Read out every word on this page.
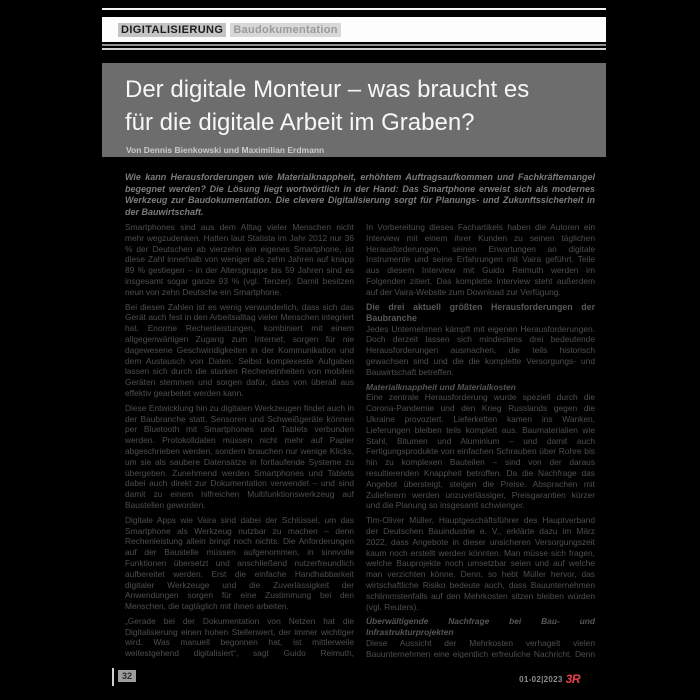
DIGITALISIERUNG Baudokumentation
Der digitale Monteur – was braucht es
für die digitale Arbeit im Graben?
Von Dennis Bienkowski und Maximilian Erdmann
Wie kann Herausforderungen wie Materialknappheit, erhöhtem Auftragsaufkommen und Fachkräftemangel begegnet werden? Die Lösung liegt wortwörtlich in der Hand: Das Smartphone erweist sich als modernes Werkzeug zur Baudokumentation. Die clevere Digitalisierung sorgt für Planungs- und Zukunftssicherheit in der Bauwirtschaft.

Smartphones sind aus dem Alltag vieler Menschen nicht mehr wegzudenken. Hatten laut Statista im Jahr 2012 nur 36 % der Deutschen ab vierzehn ein eigenes Smartphone, ist diese Zahl innerhalb von weniger als zehn Jahren auf knapp 89 % gestiegen – in der Altersgruppe bis 59 Jahren sind es insgesamt sogar ganze 93 % (vgl. Tenzer). Damit besitzen neun von zehn Deutsche ein Smartphone.

Bei diesen Zahlen ist es wenig verwunderlich, dass sich das Gerät auch fest in den Arbeitsalltag vieler Menschen integriert hat. Enorme Rechenleistungen, kombiniert mit einem allgegenwärtigen Zugang zum Internet, sorgen für nie dagewesene Geschwindigkeiten in der Kommunikation und dem Austausch von Daten. Selbst komplexeste Aufgaben lassen sich durch die starken Recheneinheiten von mobilen Geräten stemmen und sorgen dafür, dass von überall aus effektiv gearbeitet werden kann.

Diese Entwicklung hin zu digitalen Werkzeugen findet auch in der Baubranche statt. Sensoren und Schweißgeräte können per Bluetooth mit Smartphones und Tablets verbunden werden. Protokolldaten müssen nicht mehr auf Papier abgeschrieben werden, sondern brauchen nur wenige Klicks, um sie als saubere Datensätze in fortlaufende Systeme zu übergeben. Zunehmend werden Smartphones und Tablets dabei auch direkt zur Dokumentation verwendet – und sind damit zu einem hilfreichen Multifunktionswerkzeug auf Baustellen geworden.

Digitale Apps wie Vaira sind dabei der Schlüssel, um das Smartphone als Werkzeug nutzbar zu machen – denn Rechenleistung allein bringt noch nichts. Die Anforderungen auf der Baustelle müssen aufgenommen, in sinnvolle Funktionen übersetzt und anschließend nutzerfreundlich aufbereitet werden. Erst die einfache Handhabbarkeit digitaler Werkzeuge und die Zuverlässigkeit der Anwendungen sorgen für eine Zustimmung bei den Menschen, die tagtäglich mit ihnen arbeiten.

„Gerade bei der Dokumentation von Netzen hat die Digitalisierung einen hohen Stellenwert, der immer wichtiger wird. Was manuell begonnen hat, ist mittlerweile weitestgehend digitalisiert“, sagt Guido Reimuth,

In Vorbereitung dieses Fachartikels haben die Autoren ein Interview mit einem ihrer Kunden zu seinen täglichen Herausforderungen, seinen Erwartungen an digitale Instrumente und seine Erfahrungen mit Vaira geführt. Teile aus diesem Interview mit Guido Reimuth werden im Folgenden zitiert. Das komplette Interview steht außerdem auf der Vaira-Website zum Download zur Verfügung.

Die drei aktuell größten Herausforderungen der Baubranche

Jedes Unternehmen kämpft mit eigenen Herausforderungen. Doch derzeit lassen sich mindestens drei bedeutende Herausforderungen ausmachen, die teils historisch gewachsen sind und die die komplette Versorgungs- und Bauwirtschaft betreffen.

Materialknappheit und Materialkosten

Eine zentrale Herausforderung wurde speziell durch die Corona-Pandemie und den Krieg Russlands gegen die Ukraine provoziert. Lieferketten kamen ins Wanken, Lieferungen bleiben teils komplett aus. Baumaterialien wie Stahl, Bitumen und Aluminium – und damit auch Fertigungsprodukte von einfachen Schrauben über Rohre bis hin zu komplexen Bauteilen – sind von der daraus resultierenden Knappheit betroffen. Da die Nachfrage das Angebot übersteigt, steigen die Preise. Absprachen mit Zulieferern werden unzuverlässiger, Preisgarantien kürzer und die Planung so insgesamt schwieriger.

Tim-Oliver Müller, Hauptgeschäftsführer des Hauptverband der Deutschen Bauindustrie e. V., erklärte dazu im März 2022, dass Angebote in dieser unsicheren Versorgungszeit kaum noch erstellt werden könnten. Man müsse sich fragen, welche Bauprojekte noch umsetzbar seien und auf welche man verzichten könne. Denn, so hebt Müller hervor, das wirtschaftliche Risiko bedeute auch, dass Bauunternehmen schlimmstenfalls auf den Mehrkosten sitzen bleiben würden (vgl. Reuters).

Überwältigende Nachfrage bei Bau- und Infrastrukturprojekten

Diese Aussicht der Mehrkosten verhagelt vielen Bauunternehmen eine eigentlich erfreuliche Nachricht. Denn

32	01-02|2023 3R
